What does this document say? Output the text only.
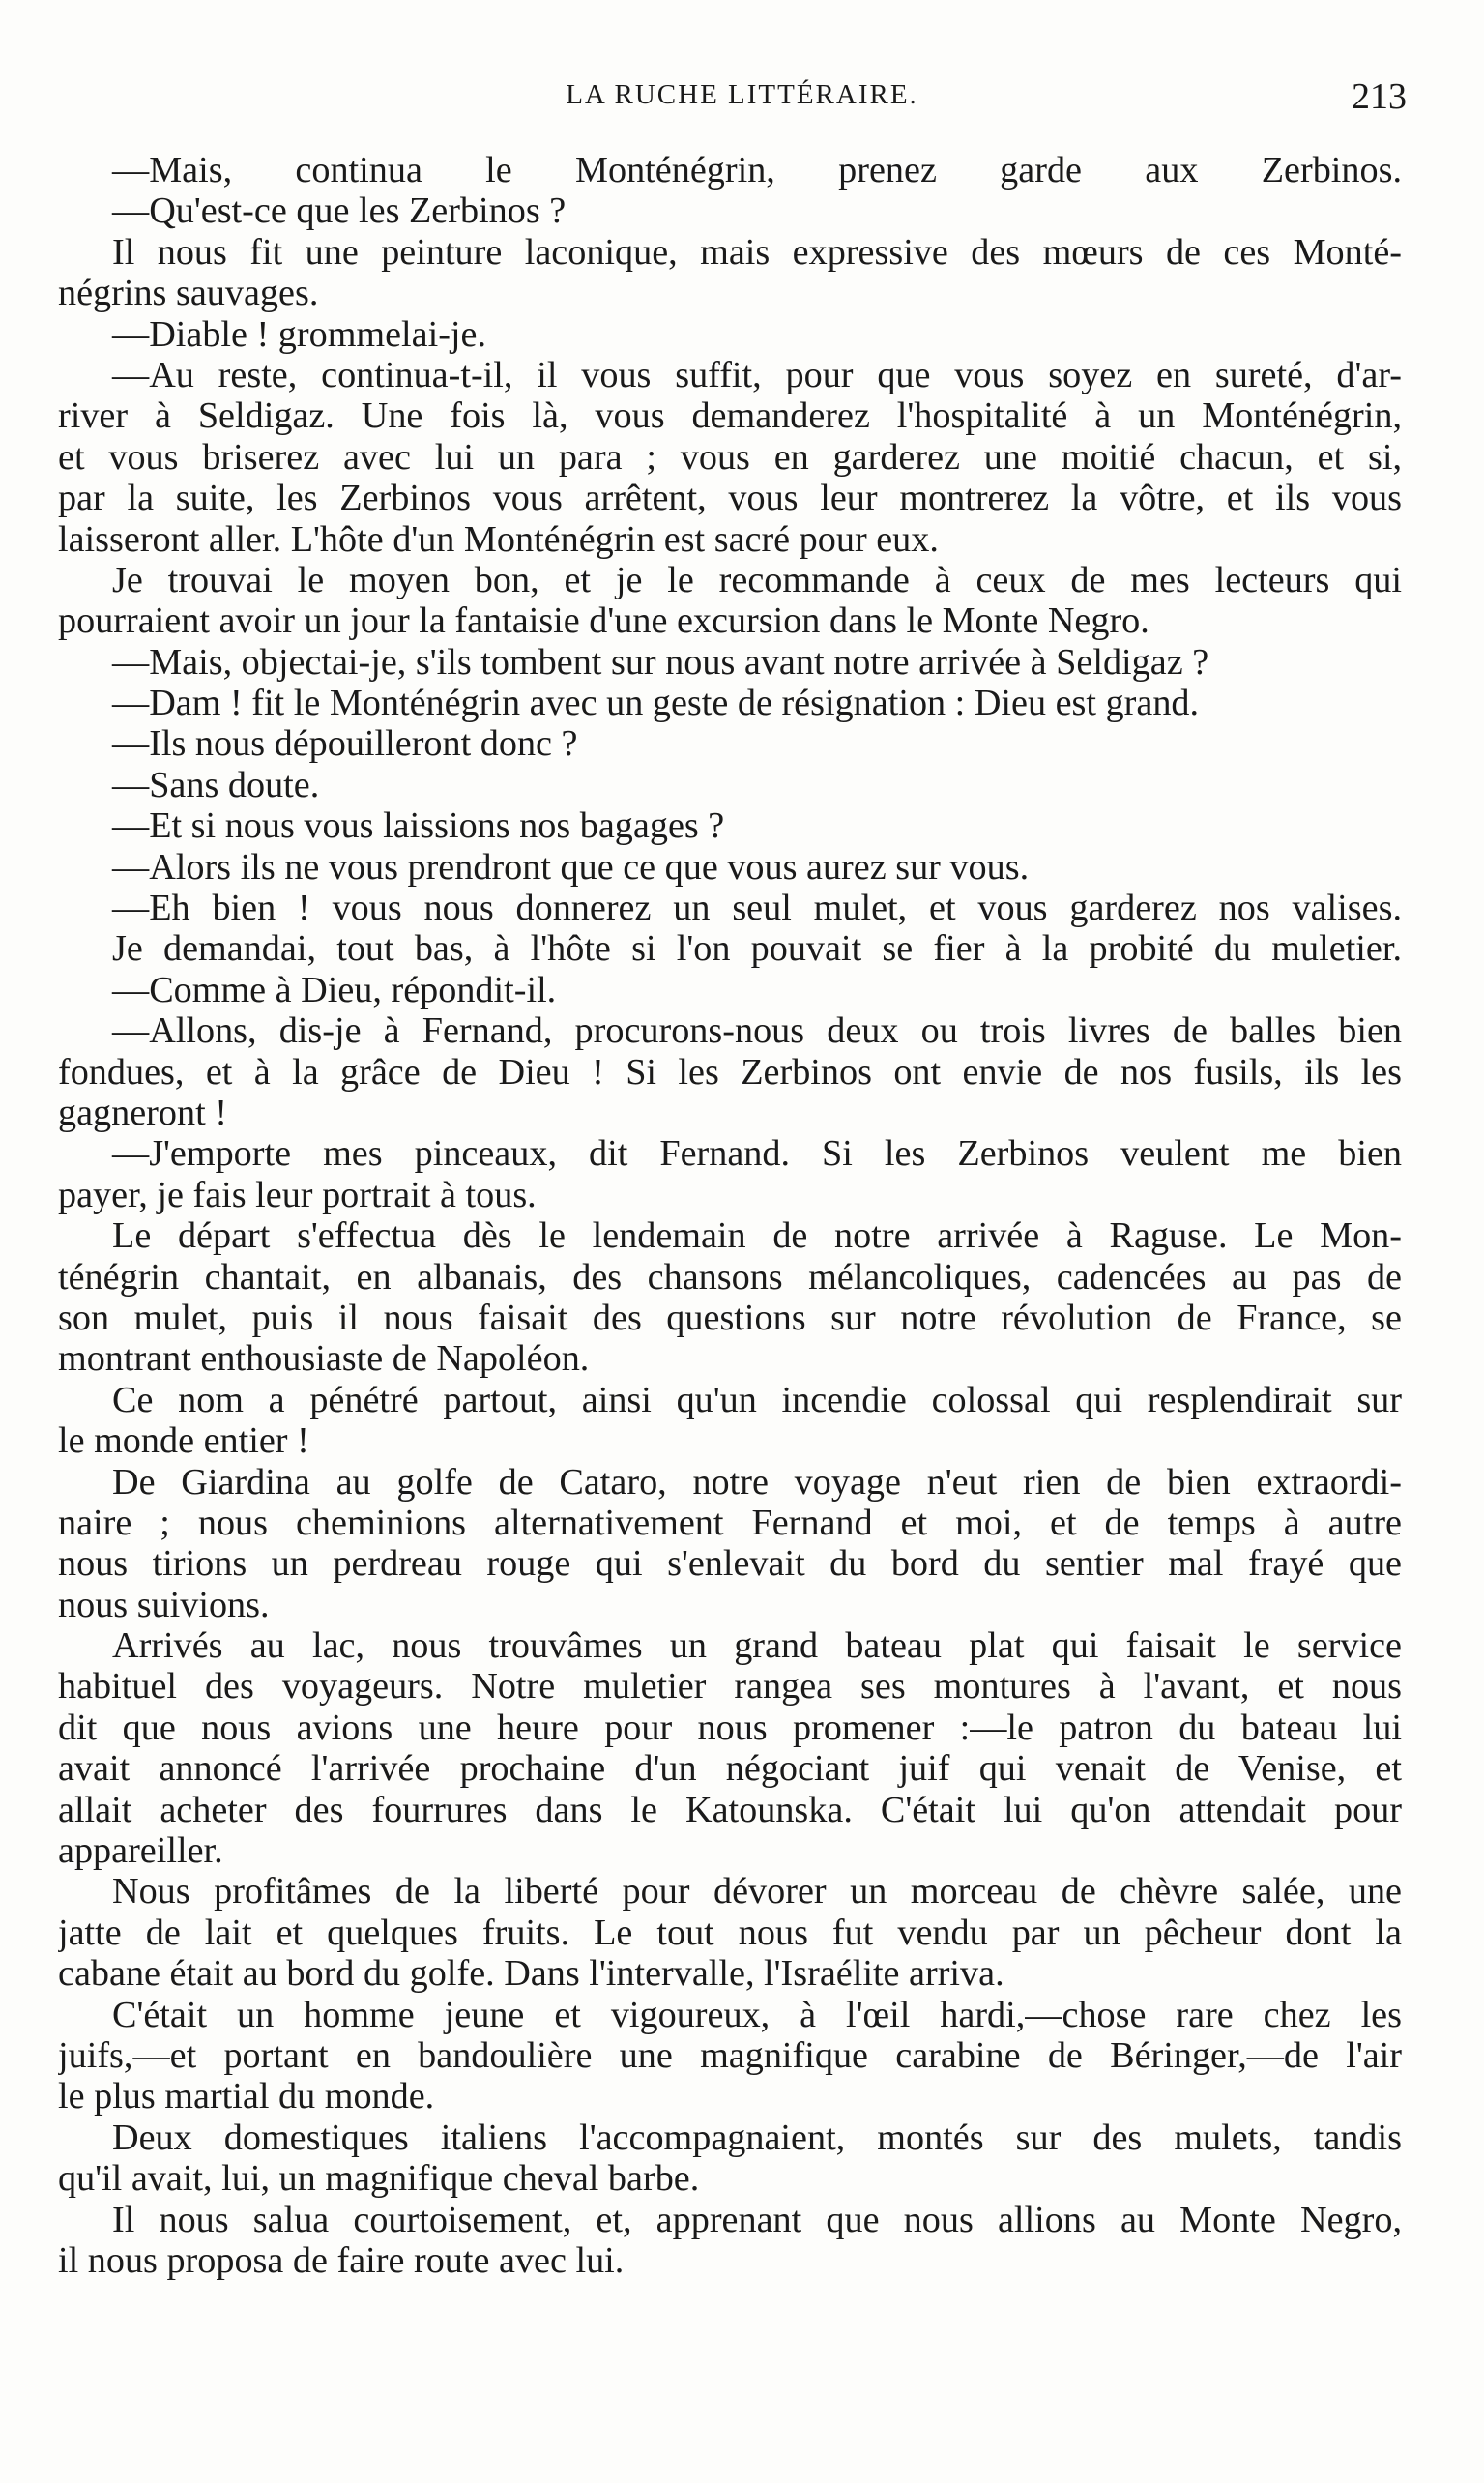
LA RUCHE LITTÉRAIRE.	213
—Mais, continua le Monténégrin, prenez garde aux Zerbinos.
—Qu'est-ce que les Zerbinos ?
Il nous fit une peinture laconique, mais expressive des mœurs de ces Monté-
négrins sauvages.
—Diable ! grommelai-je.
—Au reste, continua-t-il, il vous suffit, pour que vous soyez en sureté, d'ar-
river à Seldigaz. Une fois là, vous demanderez l'hospitalité à un Monténégrin,
et vous briserez avec lui un para ; vous en garderez une moitié chacun, et si,
par la suite, les Zerbinos vous arrêtent, vous leur montrerez la vôtre, et ils vous
laisseront aller. L'hôte d'un Monténégrin est sacré pour eux.
Je trouvai le moyen bon, et je le recommande à ceux de mes lecteurs qui
pourraient avoir un jour la fantaisie d'une excursion dans le Monte Negro.
—Mais, objectai-je, s'ils tombent sur nous avant notre arrivée à Seldigaz ?
—Dam ! fit le Monténégrin avec un geste de résignation : Dieu est grand.
—Ils nous dépouilleront donc ?
—Sans doute.
—Et si nous vous laissions nos bagages ?
—Alors ils ne vous prendront que ce que vous aurez sur vous.
—Eh bien ! vous nous donnerez un seul mulet, et vous garderez nos valises.
Je demandai, tout bas, à l'hôte si l'on pouvait se fier à la probité du muletier.
—Comme à Dieu, répondit-il.
—Allons, dis-je à Fernand, procurons-nous deux ou trois livres de balles bien
fondues, et à la grâce de Dieu ! Si les Zerbinos ont envie de nos fusils, ils les
gagneront !
—J'emporte mes pinceaux, dit Fernand. Si les Zerbinos veulent me bien
payer, je fais leur portrait à tous.
Le départ s'effectua dès le lendemain de notre arrivée à Raguse. Le Mon-
ténégrin chantait, en albanais, des chansons mélancoliques, cadencées au pas de
son mulet, puis il nous faisait des questions sur notre révolution de France, se
montrant enthousiaste de Napoléon.
Ce nom a pénétré partout, ainsi qu'un incendie colossal qui resplendirait sur
le monde entier !
De Giardina au golfe de Cataro, notre voyage n'eut rien de bien extraordi-
naire ; nous cheminions alternativement Fernand et moi, et de temps à autre
nous tirions un perdreau rouge qui s'enlevait du bord du sentier mal frayé que
nous suivions.
Arrivés au lac, nous trouvâmes un grand bateau plat qui faisait le service
habituel des voyageurs. Notre muletier rangea ses montures à l'avant, et nous
dit que nous avions une heure pour nous promener :—le patron du bateau lui
avait annoncé l'arrivée prochaine d'un négociant juif qui venait de Venise, et
allait acheter des fourrures dans le Katounska. C'était lui qu'on attendait pour
appareiller.
Nous profitâmes de la liberté pour dévorer un morceau de chèvre salée, une
jatte de lait et quelques fruits. Le tout nous fut vendu par un pêcheur dont la
cabane était au bord du golfe. Dans l'intervalle, l'Israélite arriva.
C'était un homme jeune et vigoureux, à l'œil hardi,—chose rare chez les
juifs,—et portant en bandoulière une magnifique carabine de Béringer,—de l'air
le plus martial du monde.
Deux domestiques italiens l'accompagnaient, montés sur des mulets, tandis
qu'il avait, lui, un magnifique cheval barbe.
Il nous salua courtoisement, et, apprenant que nous allions au Monte Negro,
il nous proposa de faire route avec lui.
